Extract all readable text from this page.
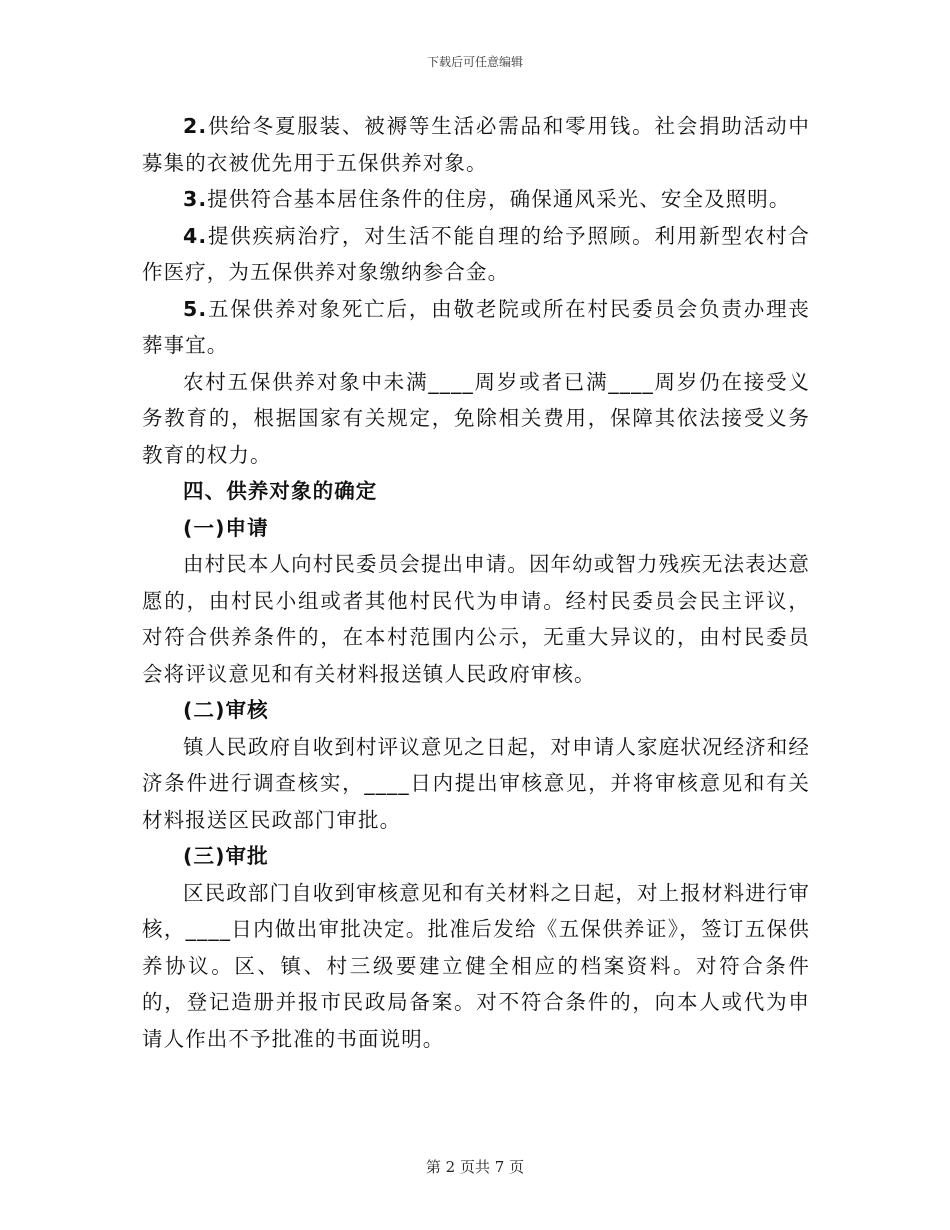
下载后可任意编辑

2.供给冬夏服装、被褥等生活必需品和零用钱。社会捐助活动中募集的衣被优先用于五保供养对象。

3.提供符合基本居住条件的住房，确保通风采光、安全及照明。

4.提供疾病治疗，对生活不能自理的给予照顾。利用新型农村合作医疗，为五保供养对象缴纳参合金。

5.五保供养对象死亡后，由敬老院或所在村民委员会负责办理丧葬事宜。

农村五保供养对象中未满____周岁或者已满____周岁仍在接受义务教育的，根据国家有关规定，免除相关费用，保障其依法接受义务教育的权力。

四、供养对象的确定
(一)申请

由村民本人向村民委员会提出申请。因年幼或智力残疾无法表达意愿的，由村民小组或者其他村民代为申请。经村民委员会民主评议，对符合供养条件的，在本村范围内公示，无重大异议的，由村民委员会将评议意见和有关材料报送镇人民政府审核。

(二)审核

镇人民政府自收到村评议意见之日起，对申请人家庭状况经济和经济条件进行调查核实，____日内提出审核意见，并将审核意见和有关材料报送区民政部门审批。

(三)审批

区民政部门自收到审核意见和有关材料之日起，对上报材料进行审核，____日内做出审批决定。批准后发给《五保供养证》，签订五保供养协议。区、镇、村三级要建立健全相应的档案资料。对符合条件的，登记造册并报市民政局备案。对不符合条件的，向本人或代为申请人作出不予批准的书面说明。

第 2 页共 7 页
